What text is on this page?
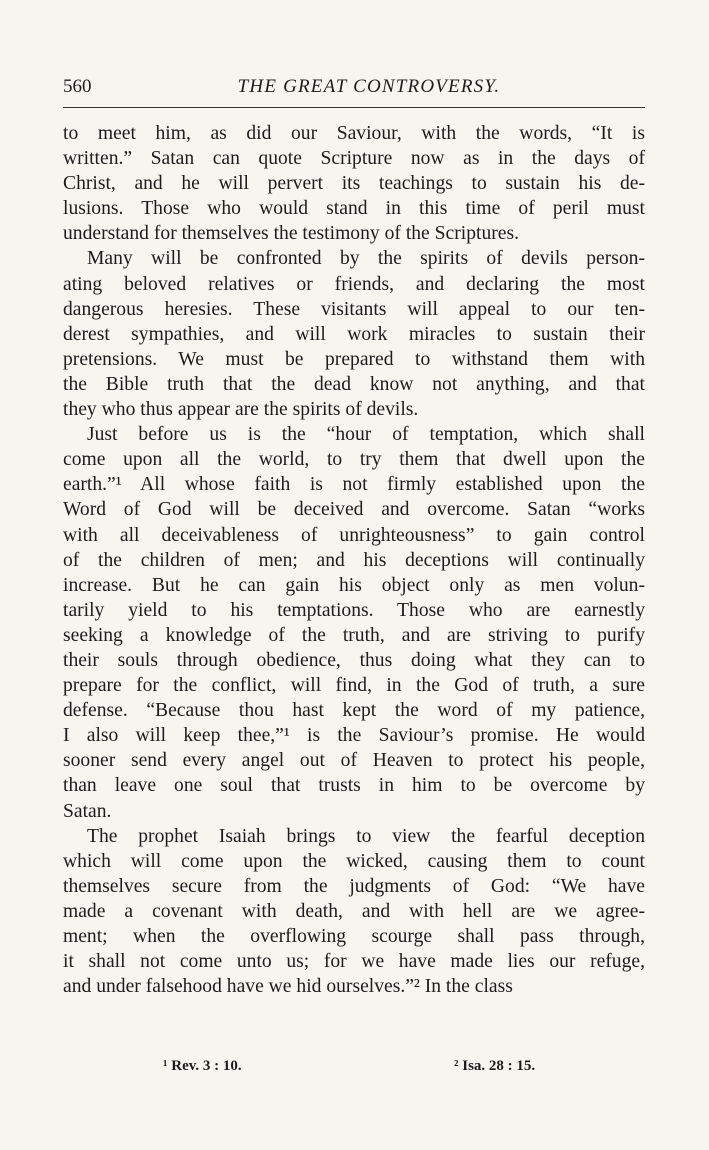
560	THE GREAT CONTROVERSY.
to meet him, as did our Saviour, with the words, “It is
written.” Satan can quote Scripture now as in the days of
Christ, and he will pervert its teachings to sustain his de-
lusions. Those who would stand in this time of peril must
understand for themselves the testimony of the Scriptures.
Many will be confronted by the spirits of devils person-
ating beloved relatives or friends, and declaring the most
dangerous heresies. These visitants will appeal to our ten-
derest sympathies, and will work miracles to sustain their
pretensions. We must be prepared to withstand them with
the Bible truth that the dead know not anything, and that
they who thus appear are the spirits of devils.
Just before us is the “hour of temptation, which shall
come upon all the world, to try them that dwell upon the
earth.”¹ All whose faith is not firmly established upon the
Word of God will be deceived and overcome. Satan “works
with all deceivableness of unrighteousness” to gain control
of the children of men; and his deceptions will continually
increase. But he can gain his object only as men volun-
tarily yield to his temptations. Those who are earnestly
seeking a knowledge of the truth, and are striving to purify
their souls through obedience, thus doing what they can to
prepare for the conflict, will find, in the God of truth, a sure
defense. “Because thou hast kept the word of my patience,
I also will keep thee,”¹ is the Saviour’s promise. He would
sooner send every angel out of Heaven to protect his people,
than leave one soul that trusts in him to be overcome by
Satan.
The prophet Isaiah brings to view the fearful deception
which will come upon the wicked, causing them to count
themselves secure from the judgments of God: “We have
made a covenant with death, and with hell are we agree-
ment; when the overflowing scourge shall pass through,
it shall not come unto us; for we have made lies our refuge,
and under falsehood have we hid ourselves.”² In the class
¹ Rev. 3 : 10.	² Isa. 28 : 15.
